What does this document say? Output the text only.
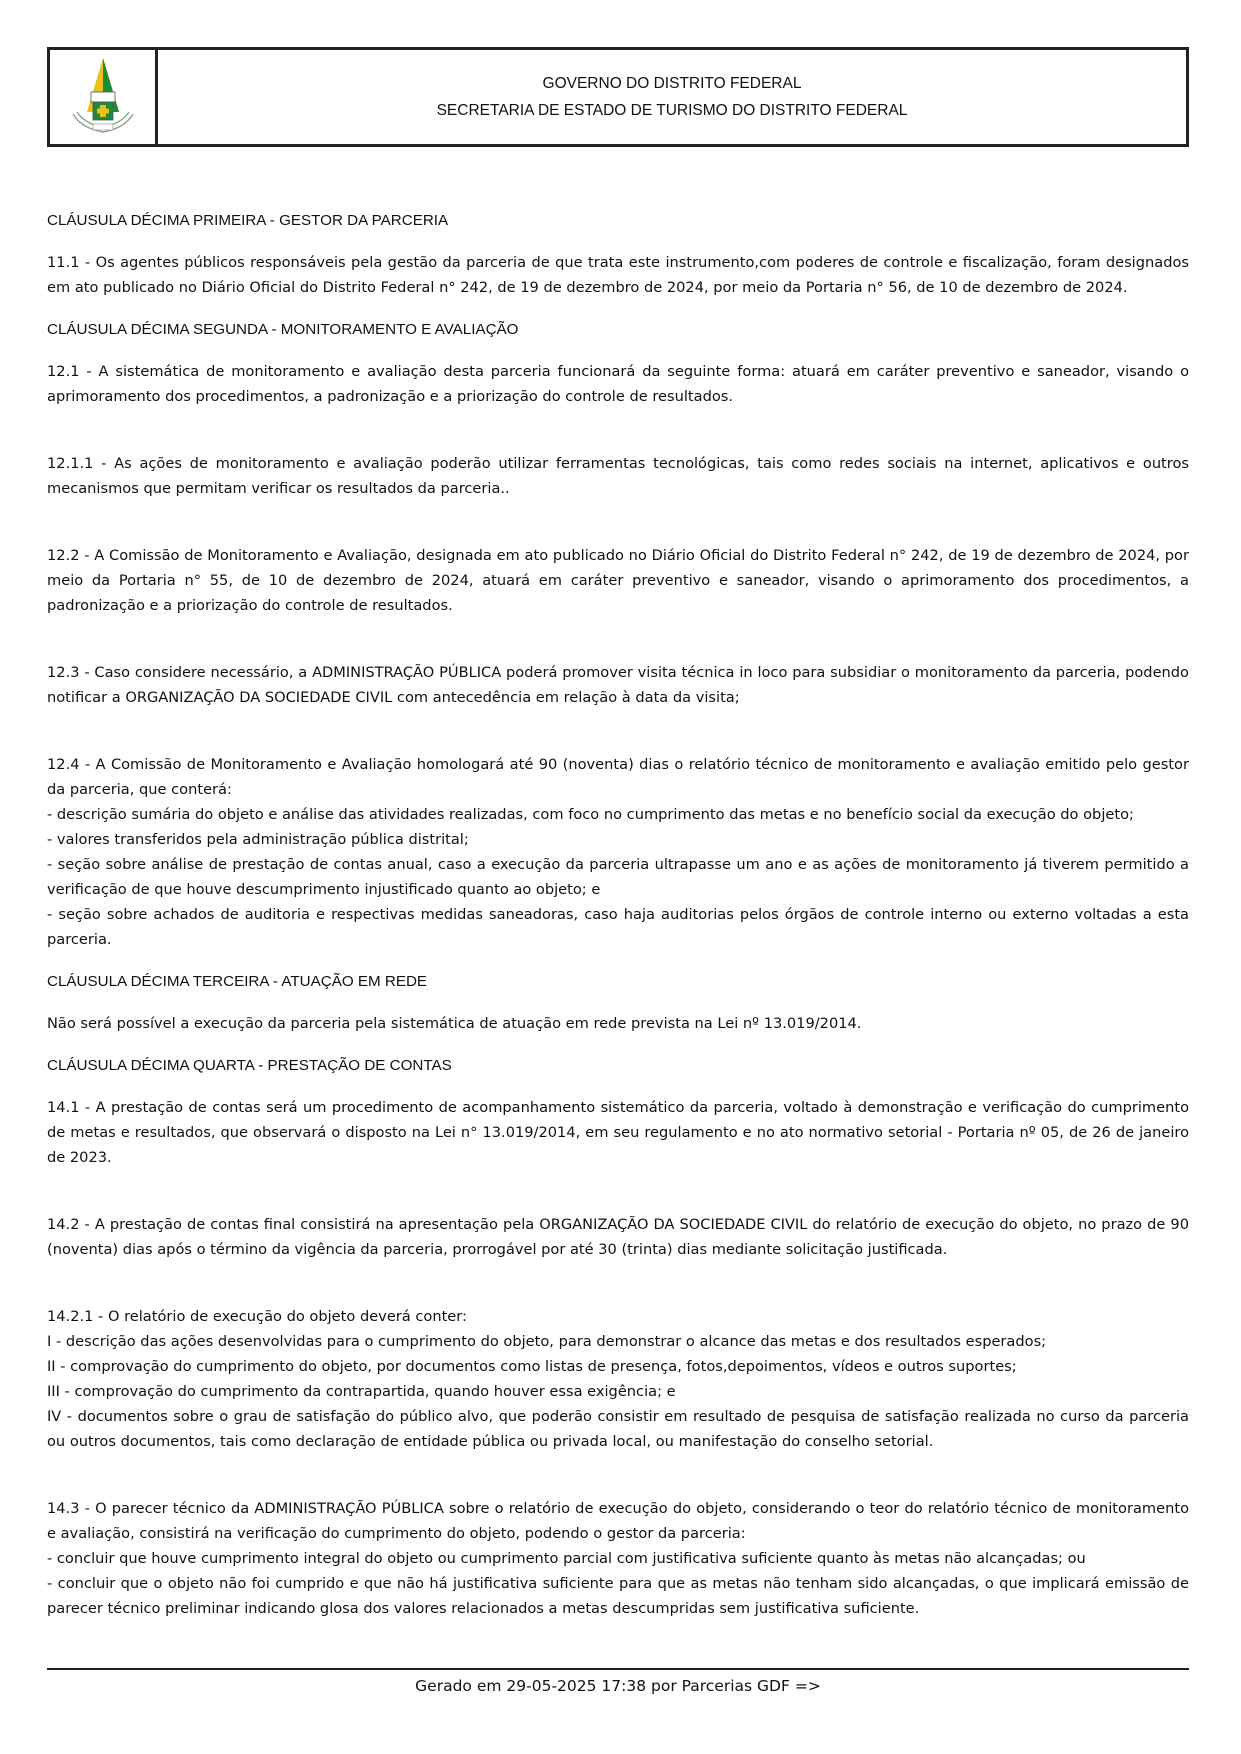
GOVERNO DO DISTRITO FEDERAL
SECRETARIA DE ESTADO DE TURISMO DO DISTRITO FEDERAL

CLÁUSULA DÉCIMA PRIMEIRA - GESTOR DA PARCERIA

11.1 - Os agentes públicos responsáveis pela gestão da parceria de que trata este instrumento,com poderes de controle e fiscalização, foram designados em ato publicado no Diário Oficial do Distrito Federal n° 242, de 19 de dezembro de 2024, por meio da Portaria n° 56, de 10 de dezembro de 2024.

CLÁUSULA DÉCIMA SEGUNDA - MONITORAMENTO E AVALIAÇÃO

12.1 - A sistemática de monitoramento e avaliação desta parceria funcionará da seguinte forma: atuará em caráter preventivo e saneador, visando o aprimoramento dos procedimentos, a padronização e a priorização do controle de resultados.

12.1.1 - As ações de monitoramento e avaliação poderão utilizar ferramentas tecnológicas, tais como redes sociais na internet, aplicativos e outros mecanismos que permitam verificar os resultados da parceria..

12.2 - A Comissão de Monitoramento e Avaliação, designada em ato publicado no Diário Oficial do Distrito Federal n° 242, de 19 de dezembro de 2024, por meio da Portaria n° 55, de 10 de dezembro de 2024, atuará em caráter preventivo e saneador, visando o aprimoramento dos procedimentos, a padronização e a priorização do controle de resultados.

12.3 - Caso considere necessário, a ADMINISTRAÇÃO PÚBLICA poderá promover visita técnica in loco para subsidiar o monitoramento da parceria, podendo notificar a ORGANIZAÇÃO DA SOCIEDADE CIVIL com antecedência em relação à data da visita;

12.4 - A Comissão de Monitoramento e Avaliação homologará até 90 (noventa) dias o relatório técnico de monitoramento e avaliação emitido pelo gestor da parceria, que conterá:

- descrição sumária do objeto e análise das atividades realizadas, com foco no cumprimento das metas e no benefício social da execução do objeto;

- valores transferidos pela administração pública distrital;

- seção sobre análise de prestação de contas anual, caso a execução da parceria ultrapasse um ano e as ações de monitoramento já tiverem permitido a verificação de que houve descumprimento injustificado quanto ao objeto; e

- seção sobre achados de auditoria e respectivas medidas saneadoras, caso haja auditorias pelos órgãos de controle interno ou externo voltadas a esta parceria.

CLÁUSULA DÉCIMA TERCEIRA - ATUAÇÃO EM REDE

Não será possível a execução da parceria pela sistemática de atuação em rede prevista na Lei nº 13.019/2014.

CLÁUSULA DÉCIMA QUARTA - PRESTAÇÃO DE CONTAS

14.1 - A prestação de contas será um procedimento de acompanhamento sistemático da parceria, voltado à demonstração e verificação do cumprimento de metas e resultados, que observará o disposto na Lei n° 13.019/2014, em seu regulamento e no ato normativo setorial - Portaria nº 05, de 26 de janeiro de 2023.

14.2 - A prestação de contas final consistirá na apresentação pela ORGANIZAÇÃO DA SOCIEDADE CIVIL do relatório de execução do objeto, no prazo de 90 (noventa) dias após o término da vigência da parceria, prorrogável por até 30 (trinta) dias mediante solicitação justificada.

14.2.1 - O relatório de execução do objeto deverá conter:

I - descrição das ações desenvolvidas para o cumprimento do objeto, para demonstrar o alcance das metas e dos resultados esperados;

II - comprovação do cumprimento do objeto, por documentos como listas de presença, fotos,depoimentos, vídeos e outros suportes;

III - comprovação do cumprimento da contrapartida, quando houver essa exigência; e

IV - documentos sobre o grau de satisfação do público alvo, que poderão consistir em resultado de pesquisa de satisfação realizada no curso da parceria ou outros documentos, tais como declaração de entidade pública ou privada local, ou manifestação do conselho setorial.

14.3 - O parecer técnico da ADMINISTRAÇÃO PÚBLICA sobre o relatório de execução do objeto, considerando o teor do relatório técnico de monitoramento e avaliação, consistirá na verificação do cumprimento do objeto, podendo o gestor da parceria:

- concluir que houve cumprimento integral do objeto ou cumprimento parcial com justificativa suficiente quanto às metas não alcançadas; ou

- concluir que o objeto não foi cumprido e que não há justificativa suficiente para que as metas não tenham sido alcançadas, o que implicará emissão de parecer técnico preliminar indicando glosa dos valores relacionados a metas descumpridas sem justificativa suficiente.

Gerado em 29-05-2025 17:38 por Parcerias GDF =>
